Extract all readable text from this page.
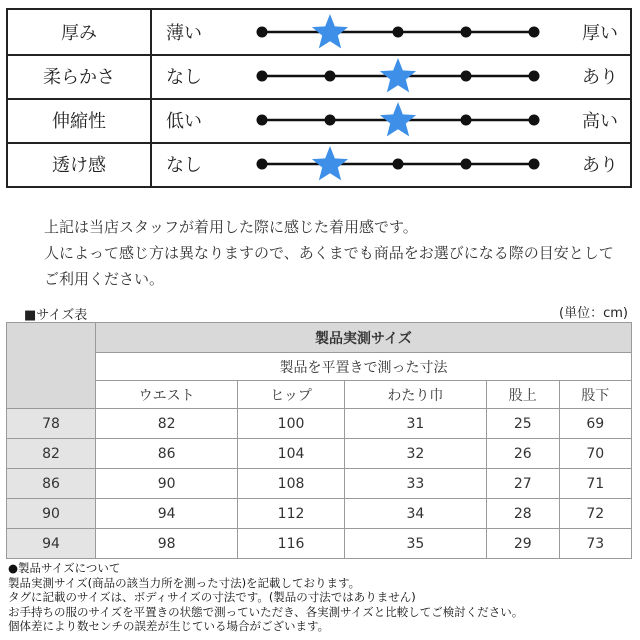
厚み	薄い	厚い
柔らかさ	なし	あり
伸縮性	低い	高い
透け感	なし	あり

上記は当店スタッフが着用した際に感じた着用感です。

人によって感じ方は異なりますので、あくまでも商品をお選びになる際の目安として

ご利用ください。

■サイズ表	(単位：cm)
	製品実測サイズ				
	製品を平置きで測った寸法				
	ウエスト	ヒップ	わたり巾	股上	股下
78	82	100	31	25	69
82	86	104	32	26	70
86	90	108	33	27	71
90	94	112	34	28	72
94	98	116	35	29	73

●製品サイズについて

製品実測サイズ(商品の該当力所を測った寸法)を記載しております。

タグに記載のサイズは、ボディサイズの寸法です。(製品の寸法ではありません)

お手持ちの服のサイズを平置きの状態で測っていただき、各実測サイズと比較してご検討ください。

個体差により数センチの誤差が生じている場合がございます。
